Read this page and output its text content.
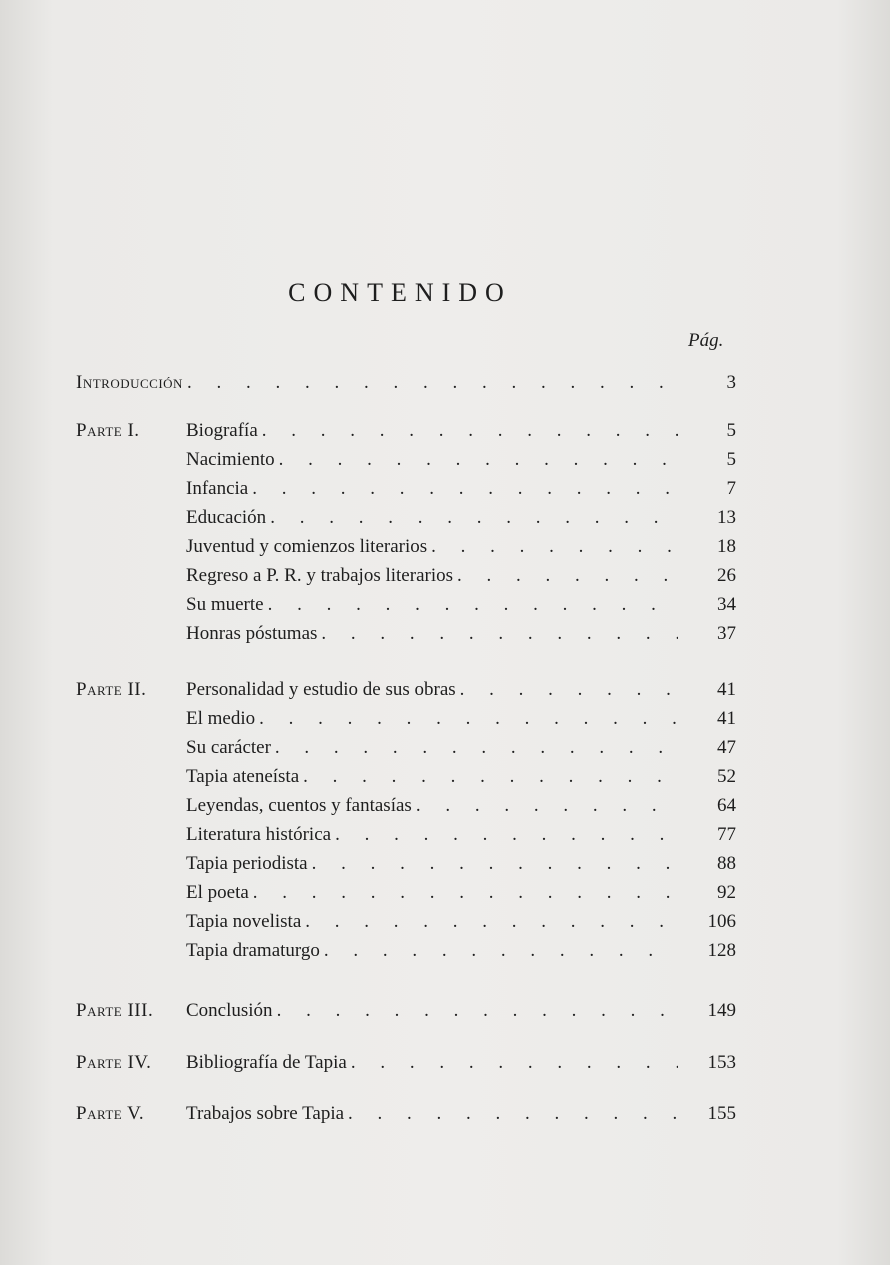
CONTENIDO
Pág.
Introducción . . .	3
Parte I.	Biografía . . .	5
Nacimiento . . .	5
Infancia . . .	7
Educación . . .	13
Juventud y comienzos literarios . . .	18
Regreso a P. R. y trabajos literarios . . .	26
Su muerte . . .	34
Honras póstumas . . .	37
Parte II.	Personalidad y estudio de sus obras . . .	41
El medio . . .	41
Su carácter . . .	47
Tapia ateneísta . . .	52
Leyendas, cuentos y fantasías . . .	64
Literatura histórica . . .	77
Tapia periodista . . .	88
El poeta . . .	92
Tapia novelista . . .	106
Tapia dramaturgo . . .	128
Parte III.	Conclusión . . .	149
Parte IV.	Bibliografía de Tapia . . .	153
Parte V.	Trabajos sobre Tapia . . .	155
